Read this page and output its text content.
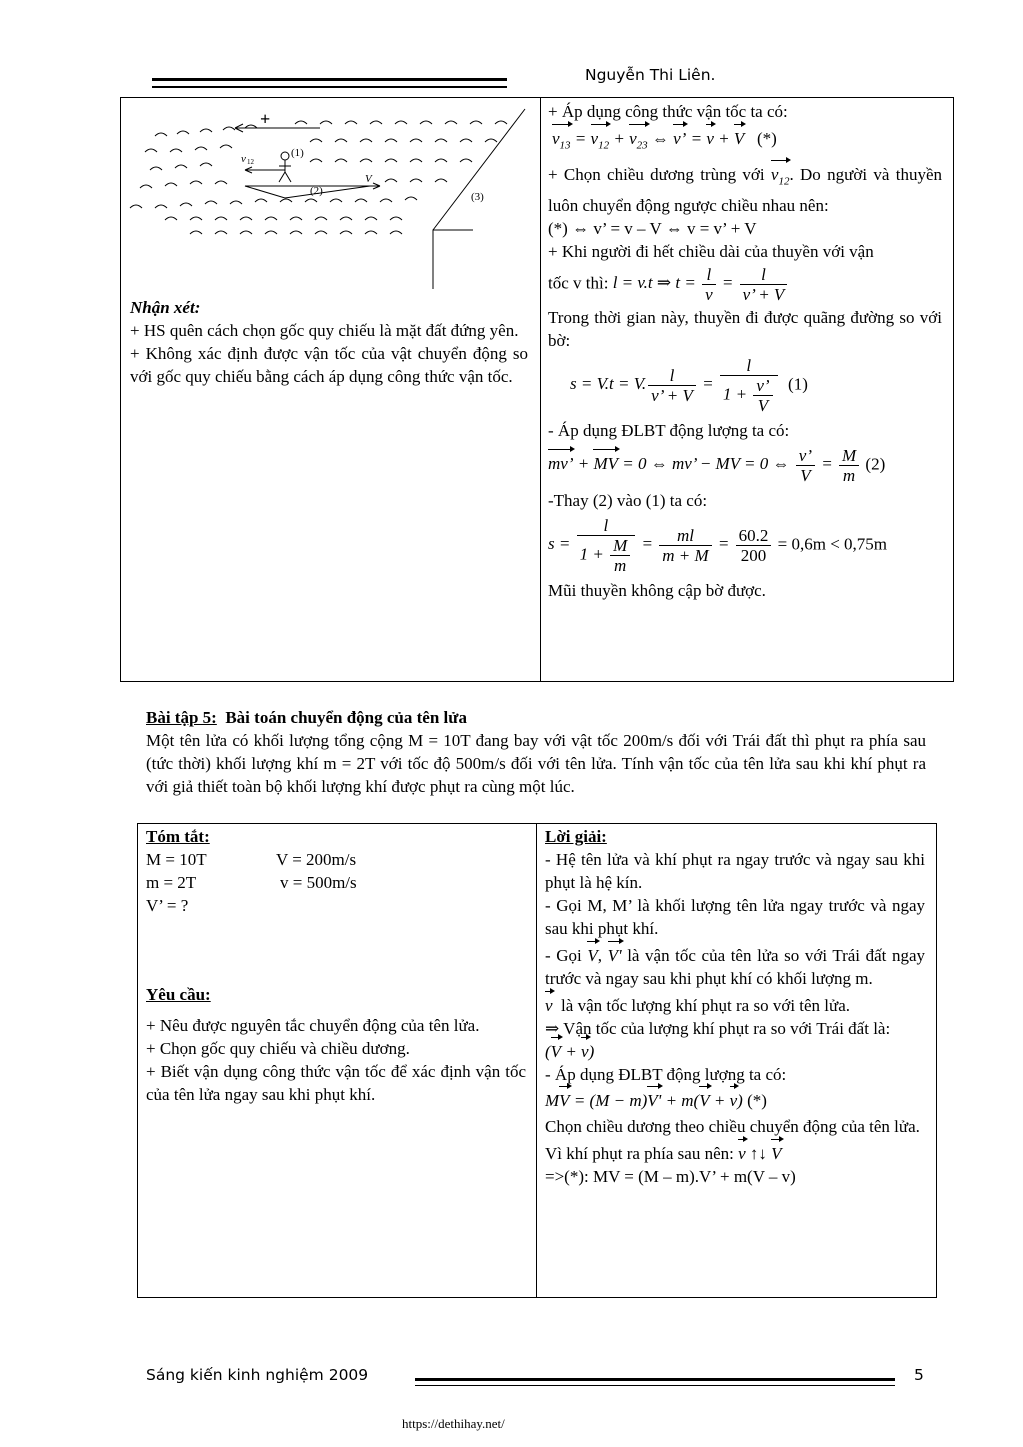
Nguyễn Thi Liên.
+
(1)
(2)	(3)
v 12
V

Nhận xét:

+ HS quên cách chọn gốc quy chiếu là mặt đất đứng yên.

+ Không xác định được vận tốc của vật chuyển động so với gốc quy chiếu bằng cách áp dụng công thức vận tốc.

+ Áp dụng công thức vận tốc ta có:

$v_{13} = v_{12} + v_{23}$ ⇔ v’ = v + V (*)

+ Chọn chiều dương trùng với $v_{12}$. Do người và thuyền luôn chuyển động ngược chiều nhau nên:

(*) ⇔ v’ = v – V ⇔ v = v’ + V

+ Khi người đi hết chiều dài của thuyền với vận

tốc v thì: l = v.t ⇒ $t = \frac{l}{v} = \frac{l}{v’ + V}$

Trong thời gian này, thuyền đi được quãng đường so với bờ:

s = V.t = V. $\frac{l}{v’ + V} = \frac{l}{1 + \frac{v’}{V}} (1)$

- Áp dụng ĐLBT động lượng ta có:

mv’ + MV = 0 ⇔ mv’ − MV = 0 ⇔ $\frac{v’}{V} = \frac{M}{m} (2)$

-Thay (2) vào (1) ta có:

$s = \frac{l}{1 + \frac{M}{m}} = \frac{ml}{m + M} = \frac{60.2}{200} = 0,6m < 0,75m$

Mũi thuyền không cập bờ được.

Bài tập 5: Bài toán chuyển động của tên lửa

Một tên lửa có khối lượng tổng cộng M = 10T đang bay với vật tốc 200m/s đối với Trái đất thì phụt ra phía sau (tức thời) khối lượng khí m = 2T với tốc độ 500m/s đối với tên lửa. Tính vận tốc của tên lửa sau khi khí phụt ra với giả thiết toàn bộ khối lượng khí được phụt ra cùng một lúc.

Tóm tắt:

M = 10T	V = 200m/s

m = 2T	v = 500m/s

V’ = ?

Yêu cầu:

+ Nêu được nguyên tắc chuyển động của tên lửa.

+ Chọn gốc quy chiếu và chiều dương.

+ Biết vận dụng công thức vận tốc để xác định vận tốc của tên lửa ngay sau khi phụt khí.

Lời giải:

- Hệ tên lửa và khí phụt ra ngay trước và ngay sau khi phụt là hệ kín.

- Gọi M, M’ là khối lượng tên lửa ngay trước và ngay sau khi phụt khí.

- Gọi V, V' là vận tốc của tên lửa so với Trái đất ngay trước và ngay sau khi phụt khí có khối lượng m.

v là vận tốc lượng khí phụt ra so với tên lửa.

⇒ Vận tốc của lượng khí phụt ra so với Trái đất là:

(V + v)

- Áp dụng ĐLBT động lượng ta có:

MV = (M − m)V' + m(V + v) (*)

Chọn chiều dương theo chiều chuyển động của tên lửa.

Vì khí phụt ra phía sau nên: v ↑↓ V

=>(*): MV = (M – m).V’ + m(V – v)

Sáng kiến kinh nghiệm 2009	5
https://dethihay.net/
